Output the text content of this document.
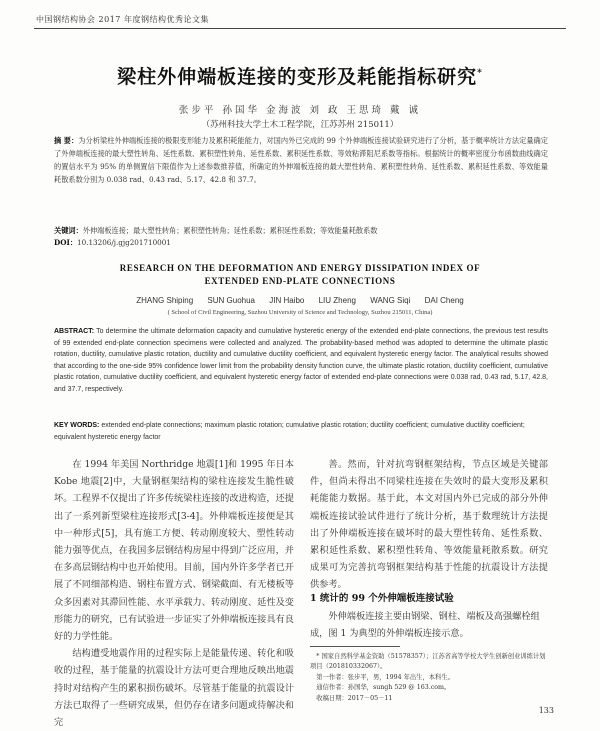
中国钢结构协会 2017 年度钢结构优秀论文集
梁柱外伸端板连接的变形及耗能指标研究*
张步平 孙国华 金海波 刘 政 王思琦 戴 诚
（苏州科技大学土木工程学院，江苏苏州 215011）
摘 要：为分析梁柱外伸端板连接的极限变形能力及累积耗能能力，对国内外已完成的 99 个外伸端板连接试验研究进行了分析，基于概率统计方法定量确定了外伸端板连接的最大塑性转角、延性系数、累积塑性转角、延性系数、累积延性系数、等效粘滞阻尼系数等指标。根据统计的概率密度分布函数曲线确定的置信水平为 95% 的单侧置信下限值作为上述参数推荐值，所确定的外伸端板连接的最大塑性转角、累积塑性转角、延性系数、累积延性系数、等效能量耗散系数分别为 0.038 rad、0.43 rad、5.17、42.8 和 37.7。
关键词：外伸端板连接；最大塑性转角；累积塑性转角；延性系数；累积延性系数；等效能量耗散系数
DOI：10.13206/j.gjg201710001
RESEARCH ON THE DEFORMATION AND ENERGY DISSIPATION INDEX OF
EXTENDED END-PLATE CONNECTIONS
ZHANG Shiping SUN Guohua JIN Haibo LIU Zheng WANG Siqi DAI Cheng
( School of Civil Engineering, Suzhou University of Science and Technology, Suzhou 215011, China)
ABSTRACT: To determine the ultimate deformation capacity and cumulative hysteretic energy of the extended end-plate connections, the previous test results of 99 extended end-plate connection specimens were collected and analyzed. The probability-based method was adopted to determine the ultimate plastic rotation, ductility, cumulative plastic rotation, ductility and cumulative ductility coefficient, and equivalent hysteretic energy factor. The analytical results showed that according to the one-side 95% confidence lower limit from the probability density function curve, the ultimate plastic rotation, ductility coefficient, cumulative plastic rotation, cumulative ductility coefficient, and equivalent hysteretic energy factor of extended end-plate connections were 0.038 rad, 0.43 rad, 5.17, 42.8, and 37.7, respectively.
KEY WORDS: extended end-plate connections; maximum plastic rotation; cumulative plastic rotation; ductility coefficient; cumulative ductility coefficient; equivalent hysteretic energy factor
在 1994 年美国 Northridge 地震[1]和 1995 年日本 Kobe 地震[2]中，大量钢框架结构的梁柱连接发生脆性破坏。工程界不仅提出了许多传统梁柱连接的改进构造，还提出了一系列新型梁柱连接形式[3-4]。外伸端板连接便是其中一种形式[5]，具有施工方便、转动刚度较大、塑性转动能力强等优点，在我国多层钢结构房屋中得到广泛应用，并在多高层钢结构中也开始使用。目前，国内外许多学者已开展了不同细部构造、钢柱布置方式、钢梁截面、有无楼板等众多因素对其滞回性能、水平承载力、转动刚度、延性及变形能力的研究，已有试验进一步证实了外伸端板连接具有良好的力学性能。
结构遭受地震作用的过程实际上是能量传递、转化和吸收的过程，基于能量的抗震设计方法可更合理地反映出地震持时对结构产生的累积损伤破坏。尽管基于能量的抗震设计方法已取得了一些研究成果，但仍存在诸多问题或待解决和完
善。然而，针对抗弯钢框架结构，节点区域是关键部件，但尚未得出不同梁柱连接在失效时的最大变形及累积耗能能力数据。基于此，本文对国内外已完成的部分外伸端板连接试验试件进行了统计分析，基于数理统计方法提出了外伸端板连接在破坏时的最大塑性转角、延性系数、累积延性系数、累积塑性转角、等效能量耗散系数。研究成果可为完善抗弯钢框架结构基于性能的抗震设计方法提供参考。
1 统计的 99 个外伸端板连接试验
外伸端板连接主要由钢梁、钢柱、端板及高强螺栓组成，图 1 为典型的外伸端板连接示意。
* 国家自然科学基金资助（51578357）；江苏省高等学校大学生创新创业训练计划项目（201810332067）。
第一作者：张步平，男，1994 年出生，本科生。
通信作者：孙国华，sungh 529 @ 163.com。
收稿日期：2017－05－11
133
